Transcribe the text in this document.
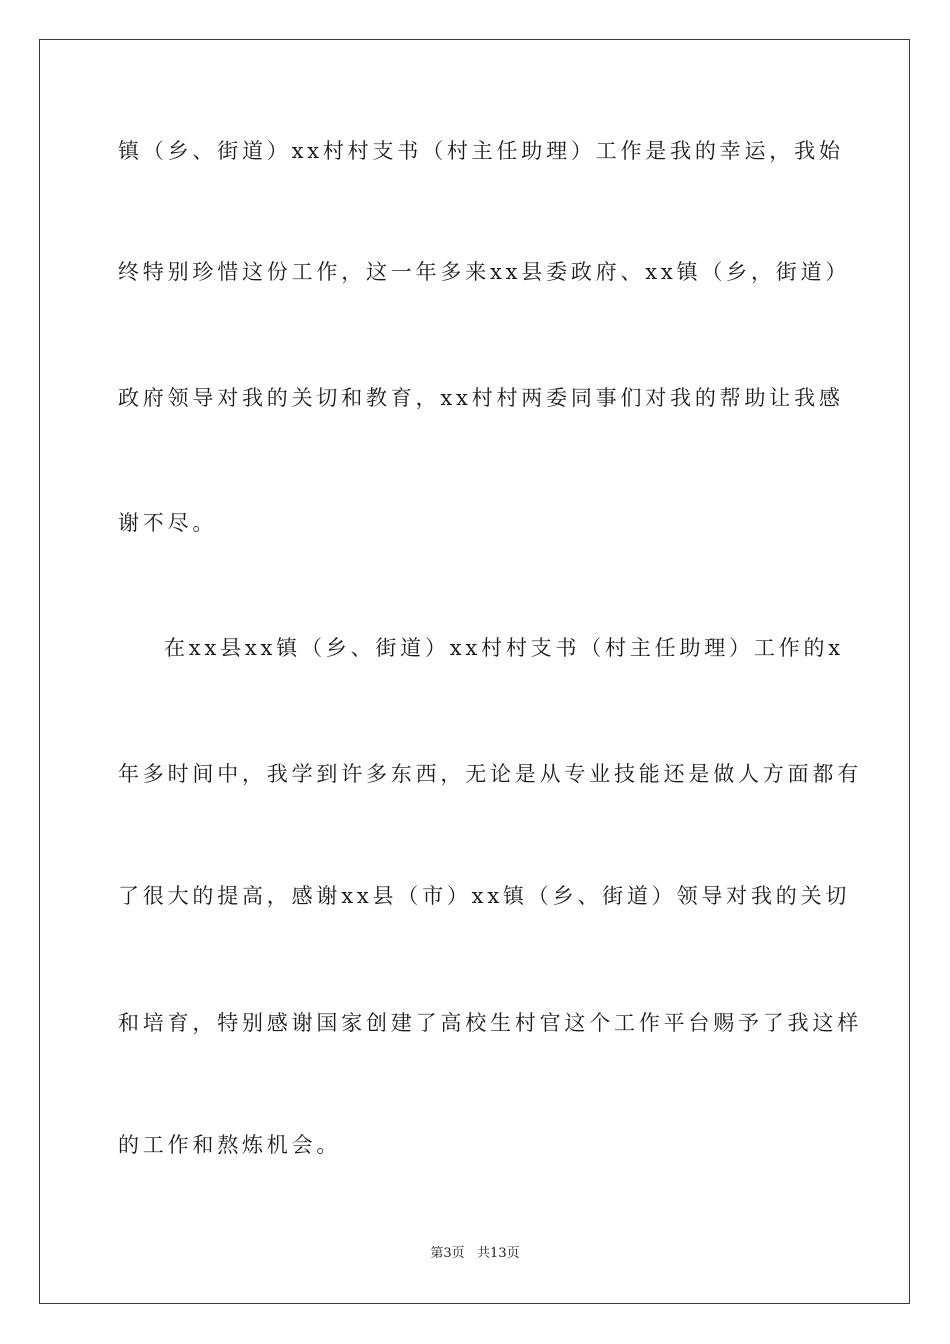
镇（乡、街道）xx村村支书（村主任助理）工作是我的幸运，我始
终特别珍惜这份工作，这一年多来xx县委政府、xx镇（乡，街道）
政府领导对我的关切和教育，xx村村两委同事们对我的帮助让我感
谢不尽。
在xx县xx镇（乡、街道）xx村村支书（村主任助理）工作的x
年多时间中，我学到许多东西，无论是从专业技能还是做人方面都有
了很大的提高，感谢xx县（市）xx镇（乡、街道）领导对我的关切
和培育，特别感谢国家创建了高校生村官这个工作平台赐予了我这样
的工作和熬炼机会。
第3页   共13页
